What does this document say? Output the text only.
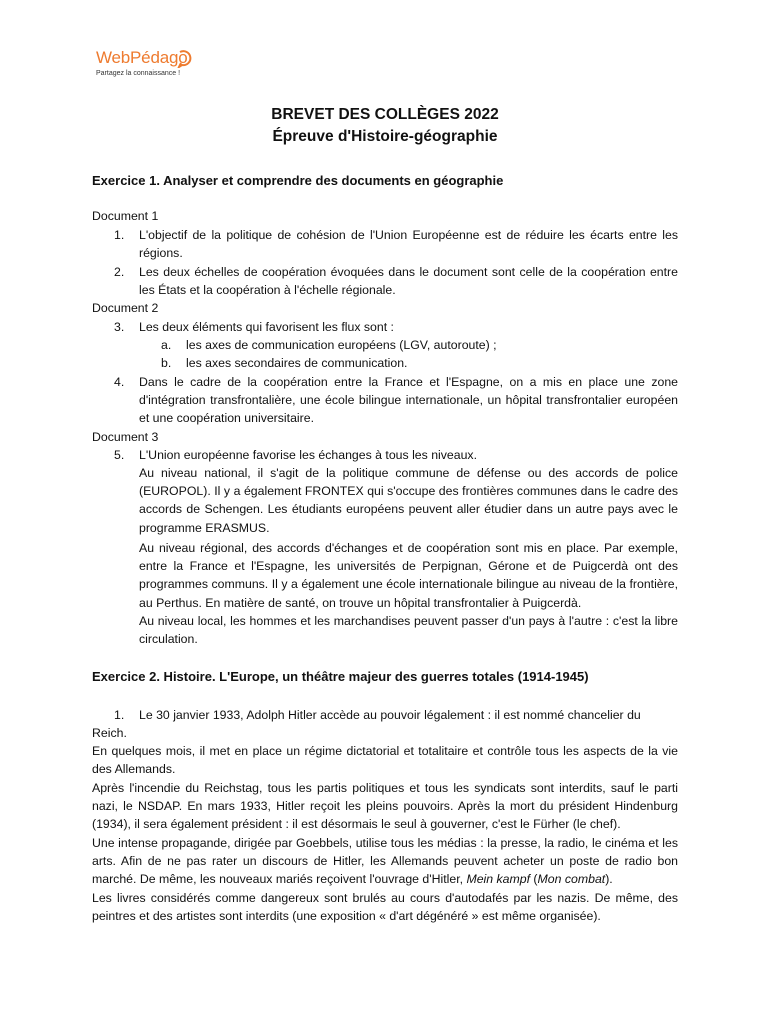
WebPédago
Partagez la connaissance !
BREVET DES COLLÈGES 2022
Épreuve d'Histoire-géographie
Exercice 1. Analyser et comprendre des documents en géographie
Document 1
1. L'objectif de la politique de cohésion de l'Union Européenne est de réduire les écarts entre les régions.
2. Les deux échelles de coopération évoquées dans le document sont celle de la coopération entre les États et la coopération à l'échelle régionale.
Document 2
3. Les deux éléments qui favorisent les flux sont :
a. les axes de communication européens (LGV, autoroute) ;
b. les axes secondaires de communication.
4. Dans le cadre de la coopération entre la France et l'Espagne, on a mis en place une zone d'intégration transfrontalière, une école bilingue internationale, un hôpital transfrontalier européen et une coopération universitaire.
Document 3
5. L'Union européenne favorise les échanges à tous les niveaux.
Au niveau national, il s'agit de la politique commune de défense ou des accords de police (EUROPOL). Il y a également FRONTEX qui s'occupe des frontières communes dans le cadre des accords de Schengen. Les étudiants européens peuvent aller étudier dans un autre pays avec le programme ERASMUS.
Au niveau régional, des accords d'échanges et de coopération sont mis en place. Par exemple, entre la France et l'Espagne, les universités de Perpignan, Gérone et de Puigcerdà ont des programmes communs. Il y a également une école internationale bilingue au niveau de la frontière, au Perthus. En matière de santé, on trouve un hôpital transfrontalier à Puigcerdà.
Au niveau local, les hommes et les marchandises peuvent passer d'un pays à l'autre : c'est la libre circulation.
Exercice 2. Histoire. L'Europe, un théâtre majeur des guerres totales (1914-1945)
1. Le 30 janvier 1933, Adolph Hitler accède au pouvoir légalement : il est nommé chancelier du
Reich.
En quelques mois, il met en place un régime dictatorial et totalitaire et contrôle tous les aspects de la vie des Allemands.
Après l'incendie du Reichstag, tous les partis politiques et tous les syndicats sont interdits, sauf le parti nazi, le NSDAP. En mars 1933, Hitler reçoit les pleins pouvoirs. Après la mort du président Hindenburg (1934), il sera également président : il est désormais le seul à gouverner, c'est le Fürher (le chef).
Une intense propagande, dirigée par Goebbels, utilise tous les médias : la presse, la radio, le cinéma et les arts. Afin de ne pas rater un discours de Hitler, les Allemands peuvent acheter un poste de radio bon marché. De même, les nouveaux mariés reçoivent l'ouvrage d'Hitler, Mein kampf (Mon combat).
Les livres considérés comme dangereux sont brulés au cours d'autodafés par les nazis. De même, des peintres et des artistes sont interdits (une exposition « d'art dégénéré » est même organisée).
